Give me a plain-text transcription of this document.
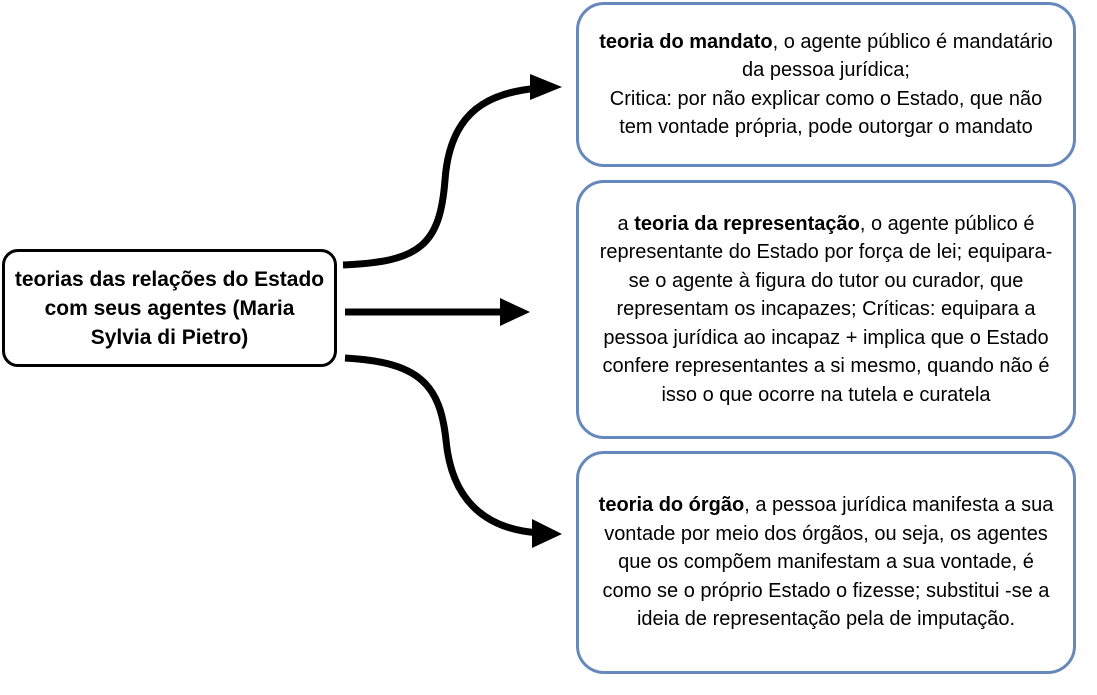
teorias das relações do Estado com seus agentes (Maria Sylvia di Pietro)

teoria do mandato, o agente público é mandatário da pessoa jurídica;
Critica: por não explicar como o Estado, que não tem vontade própria, pode outorgar o mandato

a teoria da representação, o agente público é representante do Estado por força de lei; equipara-se o agente à figura do tutor ou curador, que representam os incapazes; Críticas: equipara a pessoa jurídica ao incapaz + implica que o Estado confere representantes a si mesmo, quando não é isso o que ocorre na tutela e curatela

teoria do órgão, a pessoa jurídica manifesta a sua vontade por meio dos órgãos, ou seja, os agentes que os compõem manifestam a sua vontade, é como se o próprio Estado o fizesse; substitui -se a ideia de representação pela de imputação.
